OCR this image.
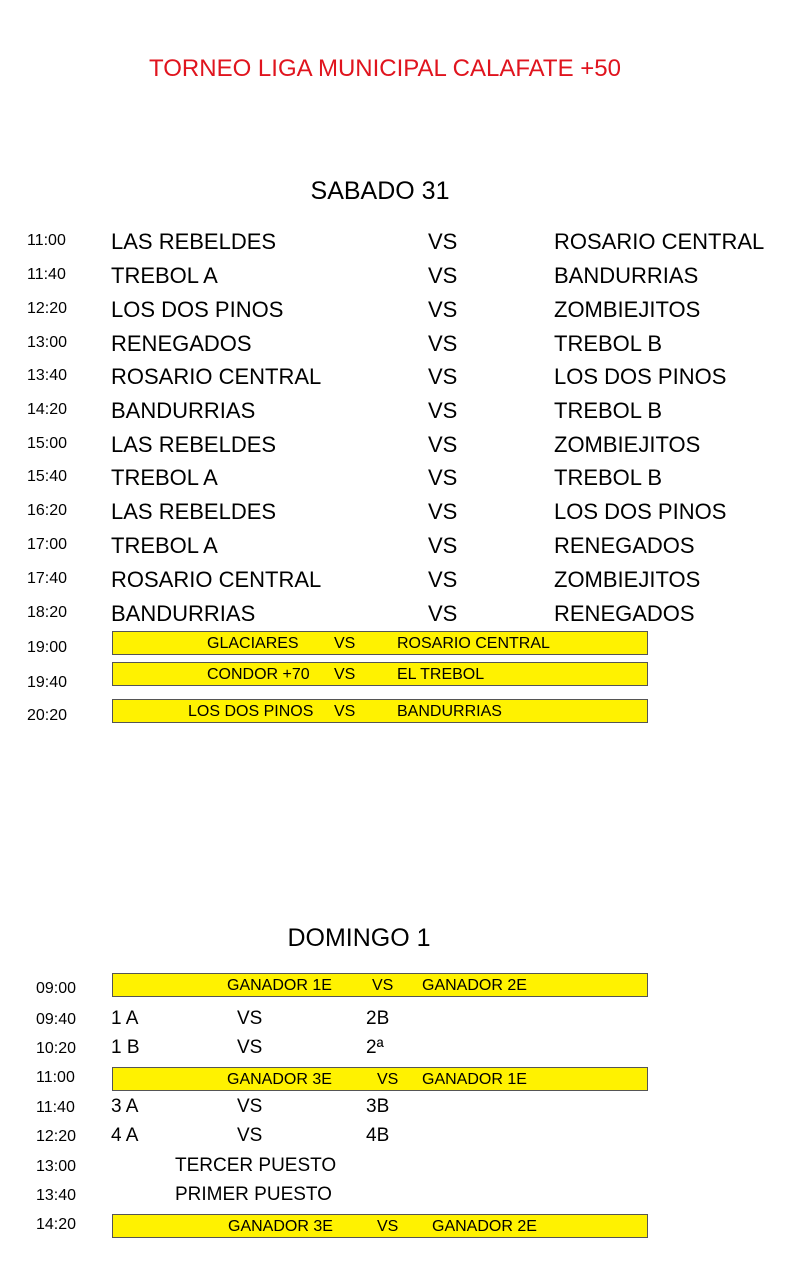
TORNEO LIGA MUNICIPAL CALAFATE +50
SABADO 31
11:00 LAS REBELDES	VS	ROSARIO CENTRAL
11:40 TREBOL A	VS	BANDURRIAS
12:20 LOS DOS PINOS	VS	ZOMBIEJITOS
13:00 RENEGADOS	VS	TREBOL B
13:40 ROSARIO CENTRAL	VS	LOS DOS PINOS
14:20 BANDURRIAS	VS	TREBOL B
15:00 LAS REBELDES	VS	ZOMBIEJITOS
15:40 TREBOL A	VS	TREBOL B
16:20 LAS REBELDES	VS	LOS DOS PINOS
17:00 TREBOL A	VS	RENEGADOS
17:40 ROSARIO CENTRAL	VS	ZOMBIEJITOS
18:20 BANDURRIAS	VS	RENEGADOS
19:00	GLACIARES VS	ROSARIO CENTRAL
19:40	CONDOR +70 VS	EL TREBOL
20:20	LOS DOS PINOS VS	BANDURRIAS
DOMINGO 1
09:00	GANADOR 1E	VS GANADOR 2E
09:40 1 A	VS	2B
10:20 1 B	VS	2ª
11:00	GANADOR 3E	VS GANADOR 1E
11:40 3 A	VS	3B
12:20 4 A	VS	4B
13:00	TERCER PUESTO
13:40	PRIMER PUESTO
14:20	GANADOR 3E	VS GANADOR 2E
